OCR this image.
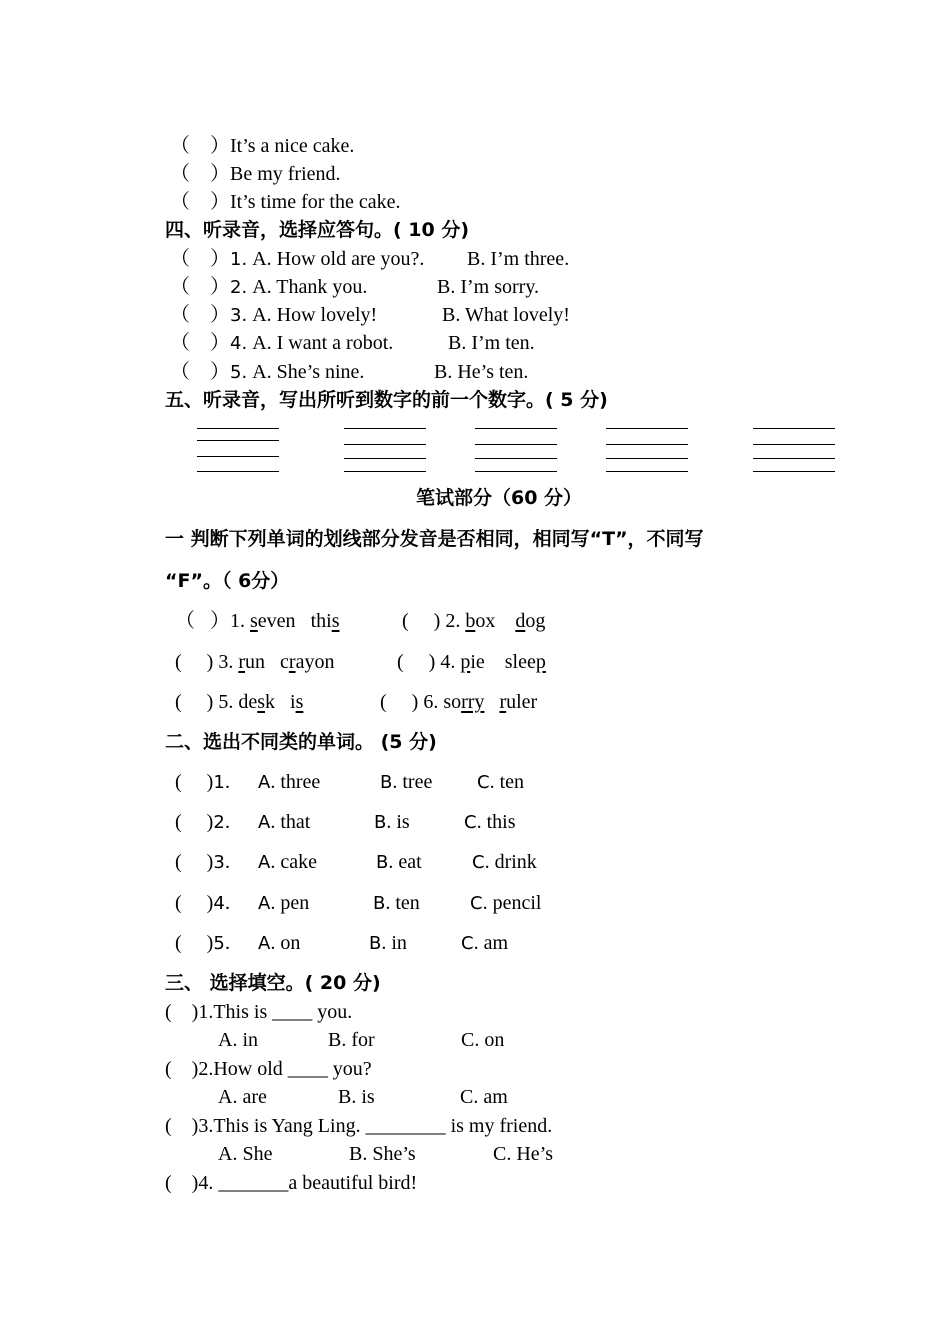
（    ）It’s a nice cake.
（    ）Be my friend.
（    ）It’s time for the cake.
四、听录音，选择应答句。( 10 分)
（    ）1. A. How old are you?. B. I’m three.
（    ）2. A. Thank you.	B. I’m sorry.
（    ）3. A. How lovely!	B. What lovely!
（    ）4. A. I want a robot.	B. I’m ten.
（    ）5. A. She’s nine.	B. He’s ten.
五、听录音，写出所听到数字的前一个数字。( 5 分)
笔试部分（60 分）
一 判断下列单词的划线部分发音是否相同，相同写“T”，不同写
“F”。（ 6分）
（   ）1. seven this	(     ) 2. box dog
(     ) 3. run crayon	(     ) 4. pie sleep
(     ) 5. desk is	(     ) 6. sorry ruler
二、选出不同类的单词。 (5 分)
(     )1． A. three	B. tree C. ten
(     )2． A. that	B. is	C. this
(     )3． A. cake	B. eat	C. drink
(     )4． A. pen	B. ten	C. pencil
(     )5． A. on	B. in	C. am
三、 选择填空。( 20 分)
(    )1.This is ____ you.
A. in	B. for	C. on
(    )2.How old ____ you?
A. are	B. is	C. am
(    )3.This is Yang Ling. ________ is my friend.
A. She	B. She’s	C. He’s
(    )4. _______a beautiful bird!
